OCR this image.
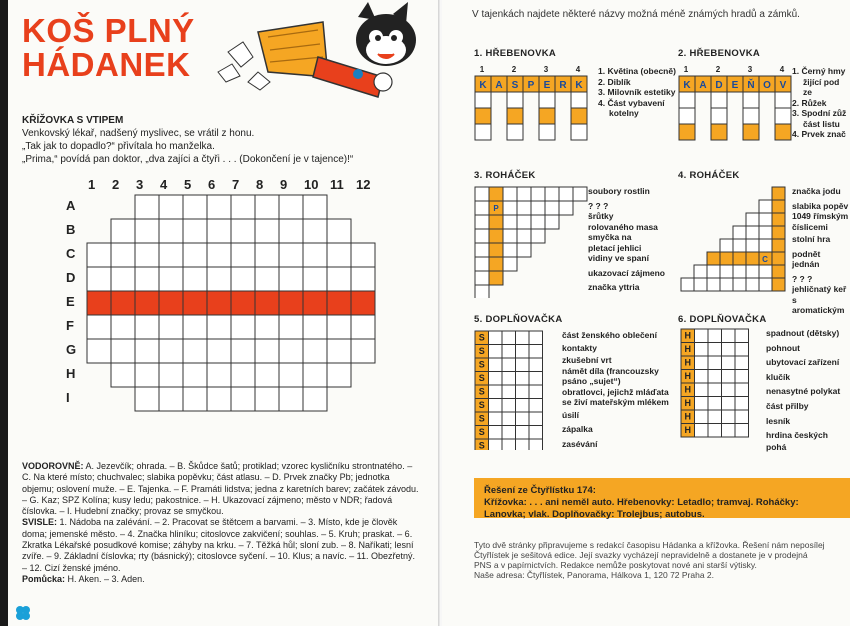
KOŠ PLNÝ
HÁDANEK
KŘÍŽOVKA S VTIPEM
Venkovský lékař, nadšený myslivec, se vrátil z honu.
„Tak jak to dopadlo?“ přivítala ho manželka.
„Prima,“ povídá pan doktor, „dva zajíci a čtyři . . . (Dokončení je v tajence)!“
1 2 3 4 5 6 7 8 9 10 11 12
A
B
C
D
E
F
G
H
I
VODOROVNĚ: A. Jezevčík; ohrada. – B. Škůdce šatů; protiklad; vzorec kysličníku strontnatého. – C. Na které místo; chuchvalec; slabika popěvku; část atlasu. – D. Prvek značky Pb; jednotka objemu; oslovení muže. – E. Tajenka. – F. Pramáti lidstva; jedna z karetních barev; začátek závodu. – G. Kaz; SPZ Kolína; kusy ledu; pakostnice. – H. Ukazovací zájmeno; město v NDR; řadová číslovka. – I. Hudební značky; provaz se smyčkou.
SVISLE: 1. Nádoba na zalévání. – 2. Pracovat se štětcem a barvami. – 3. Místo, kde je člověk doma; jemenské město. – 4. Značka hliníku; citoslovce zakvičení; souhlas. – 5. Kruh; praskat. – 6. Zkratka Lékařské posudkové komise; záhyby na krku. – 7. Těžká hůl; sloní zub. – 8. Naříkati; lesní zvíře. – 9. Základní číslovka; rty (básnický); citoslovce syčení. – 10. Klus; a navíc. – 11. Obezřetný. – 12. Cizí ženské jméno.
Pomůcka: H. Aken. – 3. Aden.
V tajenkách najdete některé názvy možná méně známých hradů a zámků.
1. HŘEBENOVKA
1	2	3	4
K A S P E R K
1. Květina (obecně)
2. Diblík
3. Milovník estetiky
4. Část vybavení
kotelny
2. HŘEBENOVKA
1	2	3	4
K A D E Ň O V
1. Černý hmy
žijící pod ze
2. Růžek
3. Spodní zůž
část listu
4. Prvek znač
3. ROHÁČEK
P
soubory rostlin
? ? ?
šrůtky
rolovaného masa
smyčka na
pletací jehlici
vidiny ve spaní
ukazovací zájmeno
značka yttria
4. ROHÁČEK
C
značka jodu
slabika popěv
1049 římským
číslicemi
stolní hra
podnět jednán
? ? ?
jehličnatý keř
s aromatickým
5. DOPLŇOVAČKA
S
S
S
S
S
S
S
S
S
část ženského oblečení
kontakty
zkušební vrt
námět díla (francouzsky
psáno „sujet“)
obratlovci, jejichž mláďata
se živí mateřským mlékem
úsilí
zápalka
zasévání
6. DOPLŇOVAČKA
H
H
H
H
H
H
H
H
spadnout (dětsky)
pohnout
ubytovací zařízení
klučík
nenasytné polykat
část přilby
lesník
hrdina českých pohá
Řešení ze Čtyřlístku 174:
Křížovka: . . . ani neměl auto. Hřebenovky: Letadlo; tramvaj. Roháčky:
Lanovka; vlak. Doplňovačky: Trolejbus; autobus.
Tyto dvě stránky připravujeme s redakcí časopisu Hádanka a křížovka. Řešení nám neposílej
Čtyřlístek je sešitová edice. Její svazky vycházejí nepravidelně a dostanete je v prodejná
PNS a v papírnictvích. Redakce nemůže poskytovat nové ani starší výtisky.
Naše adresa: Čtyřlístek, Panorama, Hálkova 1, 120 72 Praha 2.
